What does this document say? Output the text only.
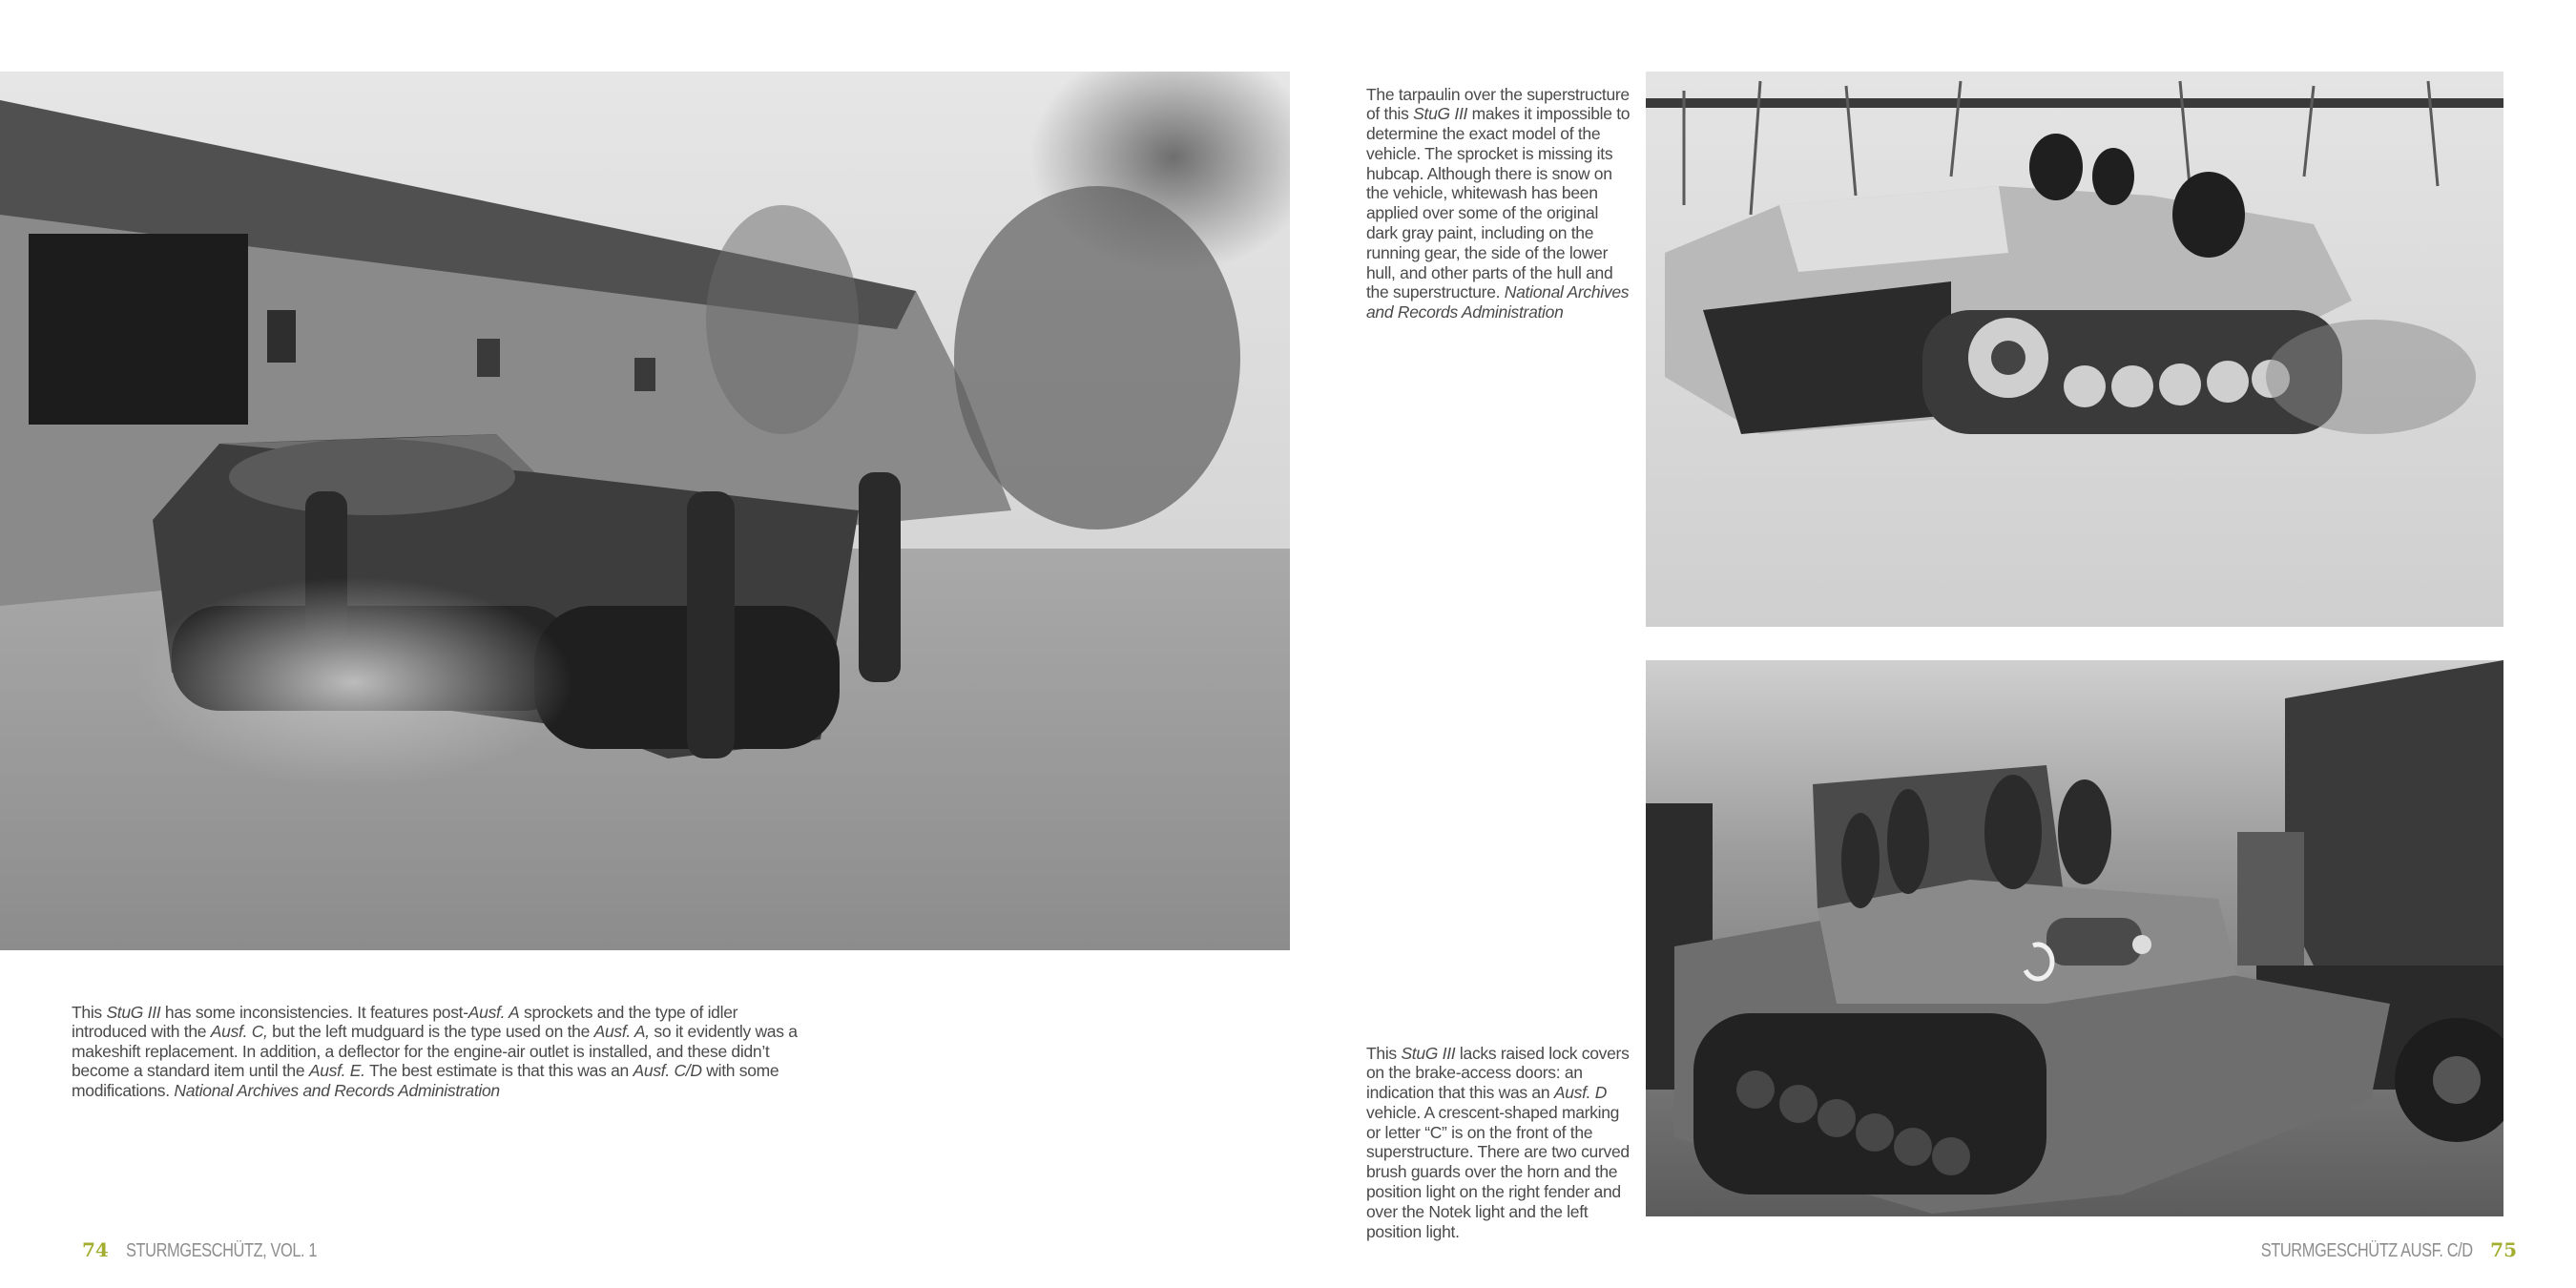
This StuG III has some inconsistencies. It features post-Ausf. A sprockets and the type of idler introduced with the Ausf. C, but the left mudguard is the type used on the Ausf. A, so it evidently was a makeshift replacement. In addition, a deflector for the engine-air outlet is installed, and these didn’t become a standard item until the Ausf. E. The best estimate is that this was an Ausf. C/D with some modifications. National Archives and Records Administration

74 STURMGESCHÜTZ, VOL. 1

The tarpaulin over the superstructure of this StuG III makes it impossible to determine the exact model of the vehicle. The sprocket is missing its hubcap. Although there is snow on the vehicle, whitewash has been applied over some of the original dark gray paint, including on the running gear, the side of the lower hull, and other parts of the hull and the superstructure. National Archives and Records Administration

This StuG III lacks raised lock covers on the brake-access doors: an indication that this was an Ausf. D vehicle. A crescent-shaped marking or letter “C” is on the front of the superstructure. There are two curved brush guards over the horn and the position light on the right fender and over the Notek light and the left position light.

STURMGESCHÜTZ AUSF. C/D 75
